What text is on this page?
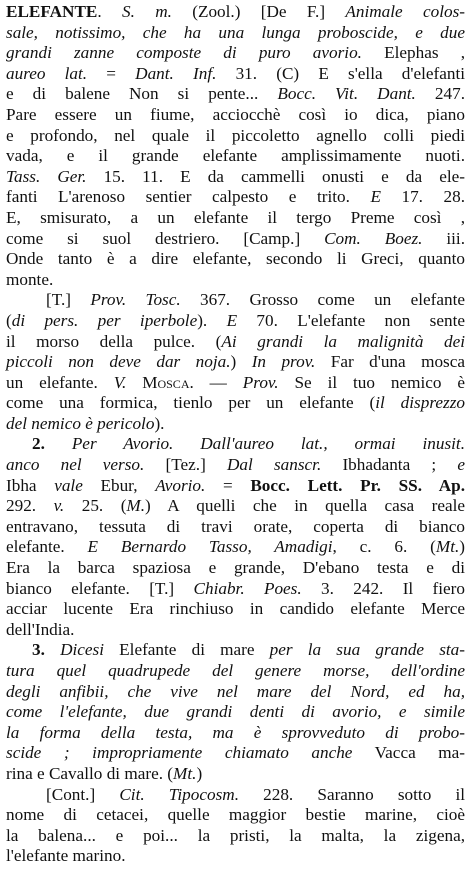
ELEFANTE. S. m. (Zool.) [De F.] Animale colos-
sale, notissimo, che ha una lunga proboscide, e due
grandi zanne composte di puro avorio. Elephas ,
aureo lat. = Dant. Inf. 31. (C) E s'ella d'elefanti
e di balene Non si pente... Bocc. Vit. Dant. 247.
Pare essere un fiume, acciocchè così io dica, piano
e profondo, nel quale il piccoletto agnello colli piedi
vada, e il grande elefante amplissimamente nuoti.
Tass. Ger. 15. 11. E da cammelli onusti e da ele-
fanti L'arenoso sentier calpesto e trito. E 17. 28.
E, smisurato, a un elefante il tergo Preme così ,
come si suol destriero. [Camp.] Com. Boez. iii.
Onde tanto è a dire elefante, secondo li Greci, quanto
monte.
[T.] Prov. Tosc. 367. Grosso come un elefante
(di pers. per iperbole). E 70. L'elefante non sente
il morso della pulce. (Ai grandi la malignità dei
piccoli non deve dar noja.) In prov. Far d'una mosca
un elefante. V. Mosca. — Prov. Se il tuo nemico è
come una formica, tienlo per un elefante (il disprezzo
del nemico è pericolo).
2. Per Avorio. Dall'aureo lat., ormai inusit.
anco nel verso. [Tez.] Dal sanscr. Ibhadanta ; e
Ibha vale Ebur, Avorio. = Bocc. Lett. Pr. SS. Ap.
292. v. 25. (M.) A quelli che in quella casa reale
entravano, tessuta di travi orate, coperta di bianco
elefante. E Bernardo Tasso, Amadigi, c. 6. (Mt.)
Era la barca spaziosa e grande, D'ebano testa e di
bianco elefante. [T.] Chiabr. Poes. 3. 242. Il fiero
acciar lucente Era rinchiuso in candido elefante Merce
dell'India.
3. Dicesi Elefante di mare per la sua grande sta-
tura quel quadrupede del genere morse, dell'ordine
degli anfibii, che vive nel mare del Nord, ed ha,
come l'elefante, due grandi denti di avorio, e simile
la forma della testa, ma è sprovveduto di probo-
scide ; impropriamente chiamato anche Vacca ma-
rina e Cavallo di mare. (Mt.)
[Cont.] Cit. Tipocosm. 228. Saranno sotto il
nome di cetacei, quelle maggior bestie marine, cioè
la balena... e poi... la pristi, la malta, la zigena,
l'elefante marino.
